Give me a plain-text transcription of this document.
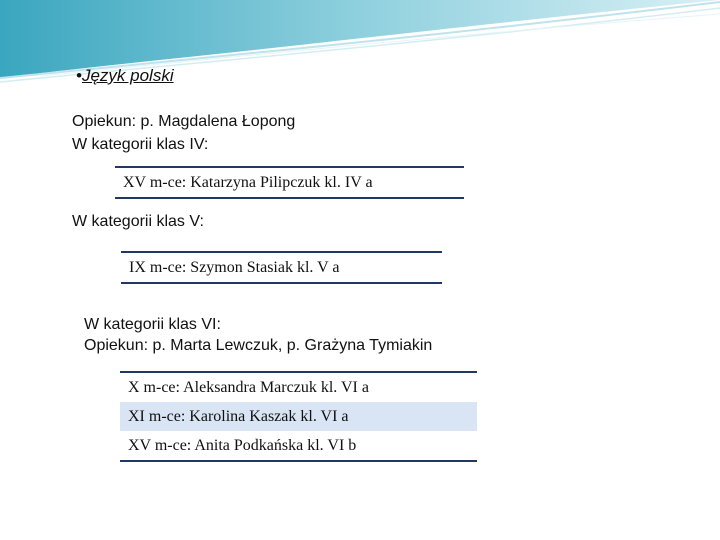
•Język polski
Opiekun: p. Magdalena Łopong
W kategorii klas IV:
XV m-ce: Katarzyna Pilipczuk kl. IV a
W kategorii klas V:
IX m-ce: Szymon Stasiak kl. V a
W kategorii klas VI:
Opiekun: p. Marta Lewczuk, p. Grażyna Tymiakin
X m-ce: Aleksandra Marczuk kl. VI a
XI m-ce: Karolina Kaszak kl. VI a
XV m-ce: Anita Podkańska kl. VI b
